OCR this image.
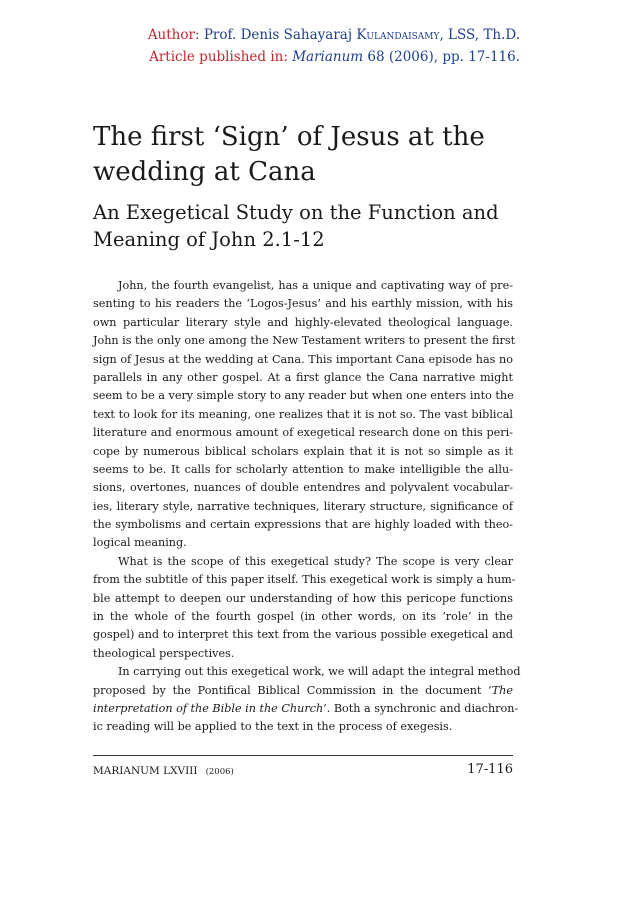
Author: Prof. Denis Sahayaraj Kulandaisamy, LSS, Th.D.
Article published in: Marianum 68 (2006), pp. 17-116.
The first ‘Sign’ of Jesus at the
wedding at Cana
An Exegetical Study on the Function and
Meaning of John 2.1-12
John, the fourth evangelist, has a unique and captivating way of pre-
senting to his readers the ‘Logos-Jesus’ and his earthly mission, with his
own particular literary style and highly-elevated theological language.
John is the only one among the New Testament writers to present the first
sign of Jesus at the wedding at Cana. This important Cana episode has no
parallels in any other gospel. At a first glance the Cana narrative might
seem to be a very simple story to any reader but when one enters into the
text to look for its meaning, one realizes that it is not so. The vast biblical
literature and enormous amount of exegetical research done on this peri-
cope by numerous biblical scholars explain that it is not so simple as it
seems to be. It calls for scholarly attention to make intelligible the allu-
sions, overtones, nuances of double entendres and polyvalent vocabular-
ies, literary style, narrative techniques, literary structure, significance of
the symbolisms and certain expressions that are highly loaded with theo-
logical meaning.
What is the scope of this exegetical study? The scope is very clear
from the subtitle of this paper itself. This exegetical work is simply a hum-
ble attempt to deepen our understanding of how this pericope functions
in the whole of the fourth gospel (in other words, on its ‘role’ in the
gospel) and to interpret this text from the various possible exegetical and
theological perspectives.
In carrying out this exegetical work, we will adapt the integral method
proposed by the Pontifical Biblical Commission in the document ‘The
interpretation of the Bible in the Church’. Both a synchronic and diachron-
ic reading will be applied to the text in the process of exegesis.
MARIANUM LXVIII (2006)	17-116
